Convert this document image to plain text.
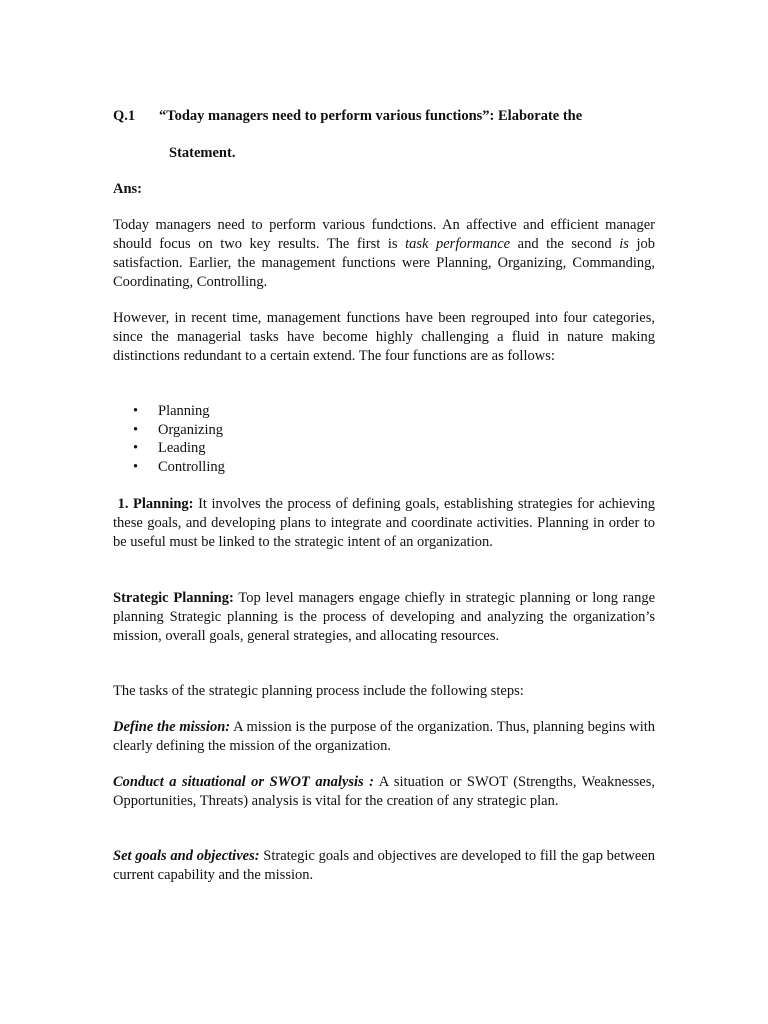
Q.1 “Today managers need to perform various functions”: Elaborate the
Statement.
Ans:

Today managers need to perform various fundctions. An affective and efficient manager should focus on two key results. The first is task performance and the second is job satisfaction. Earlier, the management functions were Planning, Organizing, Commanding, Coordinating, Controlling.

However, in recent time, management functions have been regrouped into four categories, since the managerial tasks have become highly challenging a fluid in nature making distinctions redundant to a certain extend. The four functions are as follows:

• Planning
• Organizing
• Leading
• Controlling

1. Planning: It involves the process of defining goals, establishing strategies for achieving these goals, and developing plans to integrate and coordinate activities. Planning in order to be useful must be linked to the strategic intent of an organization.

Strategic Planning: Top level managers engage chiefly in strategic planning or long range planning Strategic planning is the process of developing and analyzing the organization’s mission, overall goals, general strategies, and allocating resources.

The tasks of the strategic planning process include the following steps:

Define the mission: A mission is the purpose of the organization. Thus, planning begins with clearly defining the mission of the organization.

Conduct a situational or SWOT analysis : A situation or SWOT (Strengths, Weaknesses, Opportunities, Threats) analysis is vital for the creation of any strategic plan.

Set goals and objectives: Strategic goals and objectives are developed to fill the gap between current capability and the mission.
